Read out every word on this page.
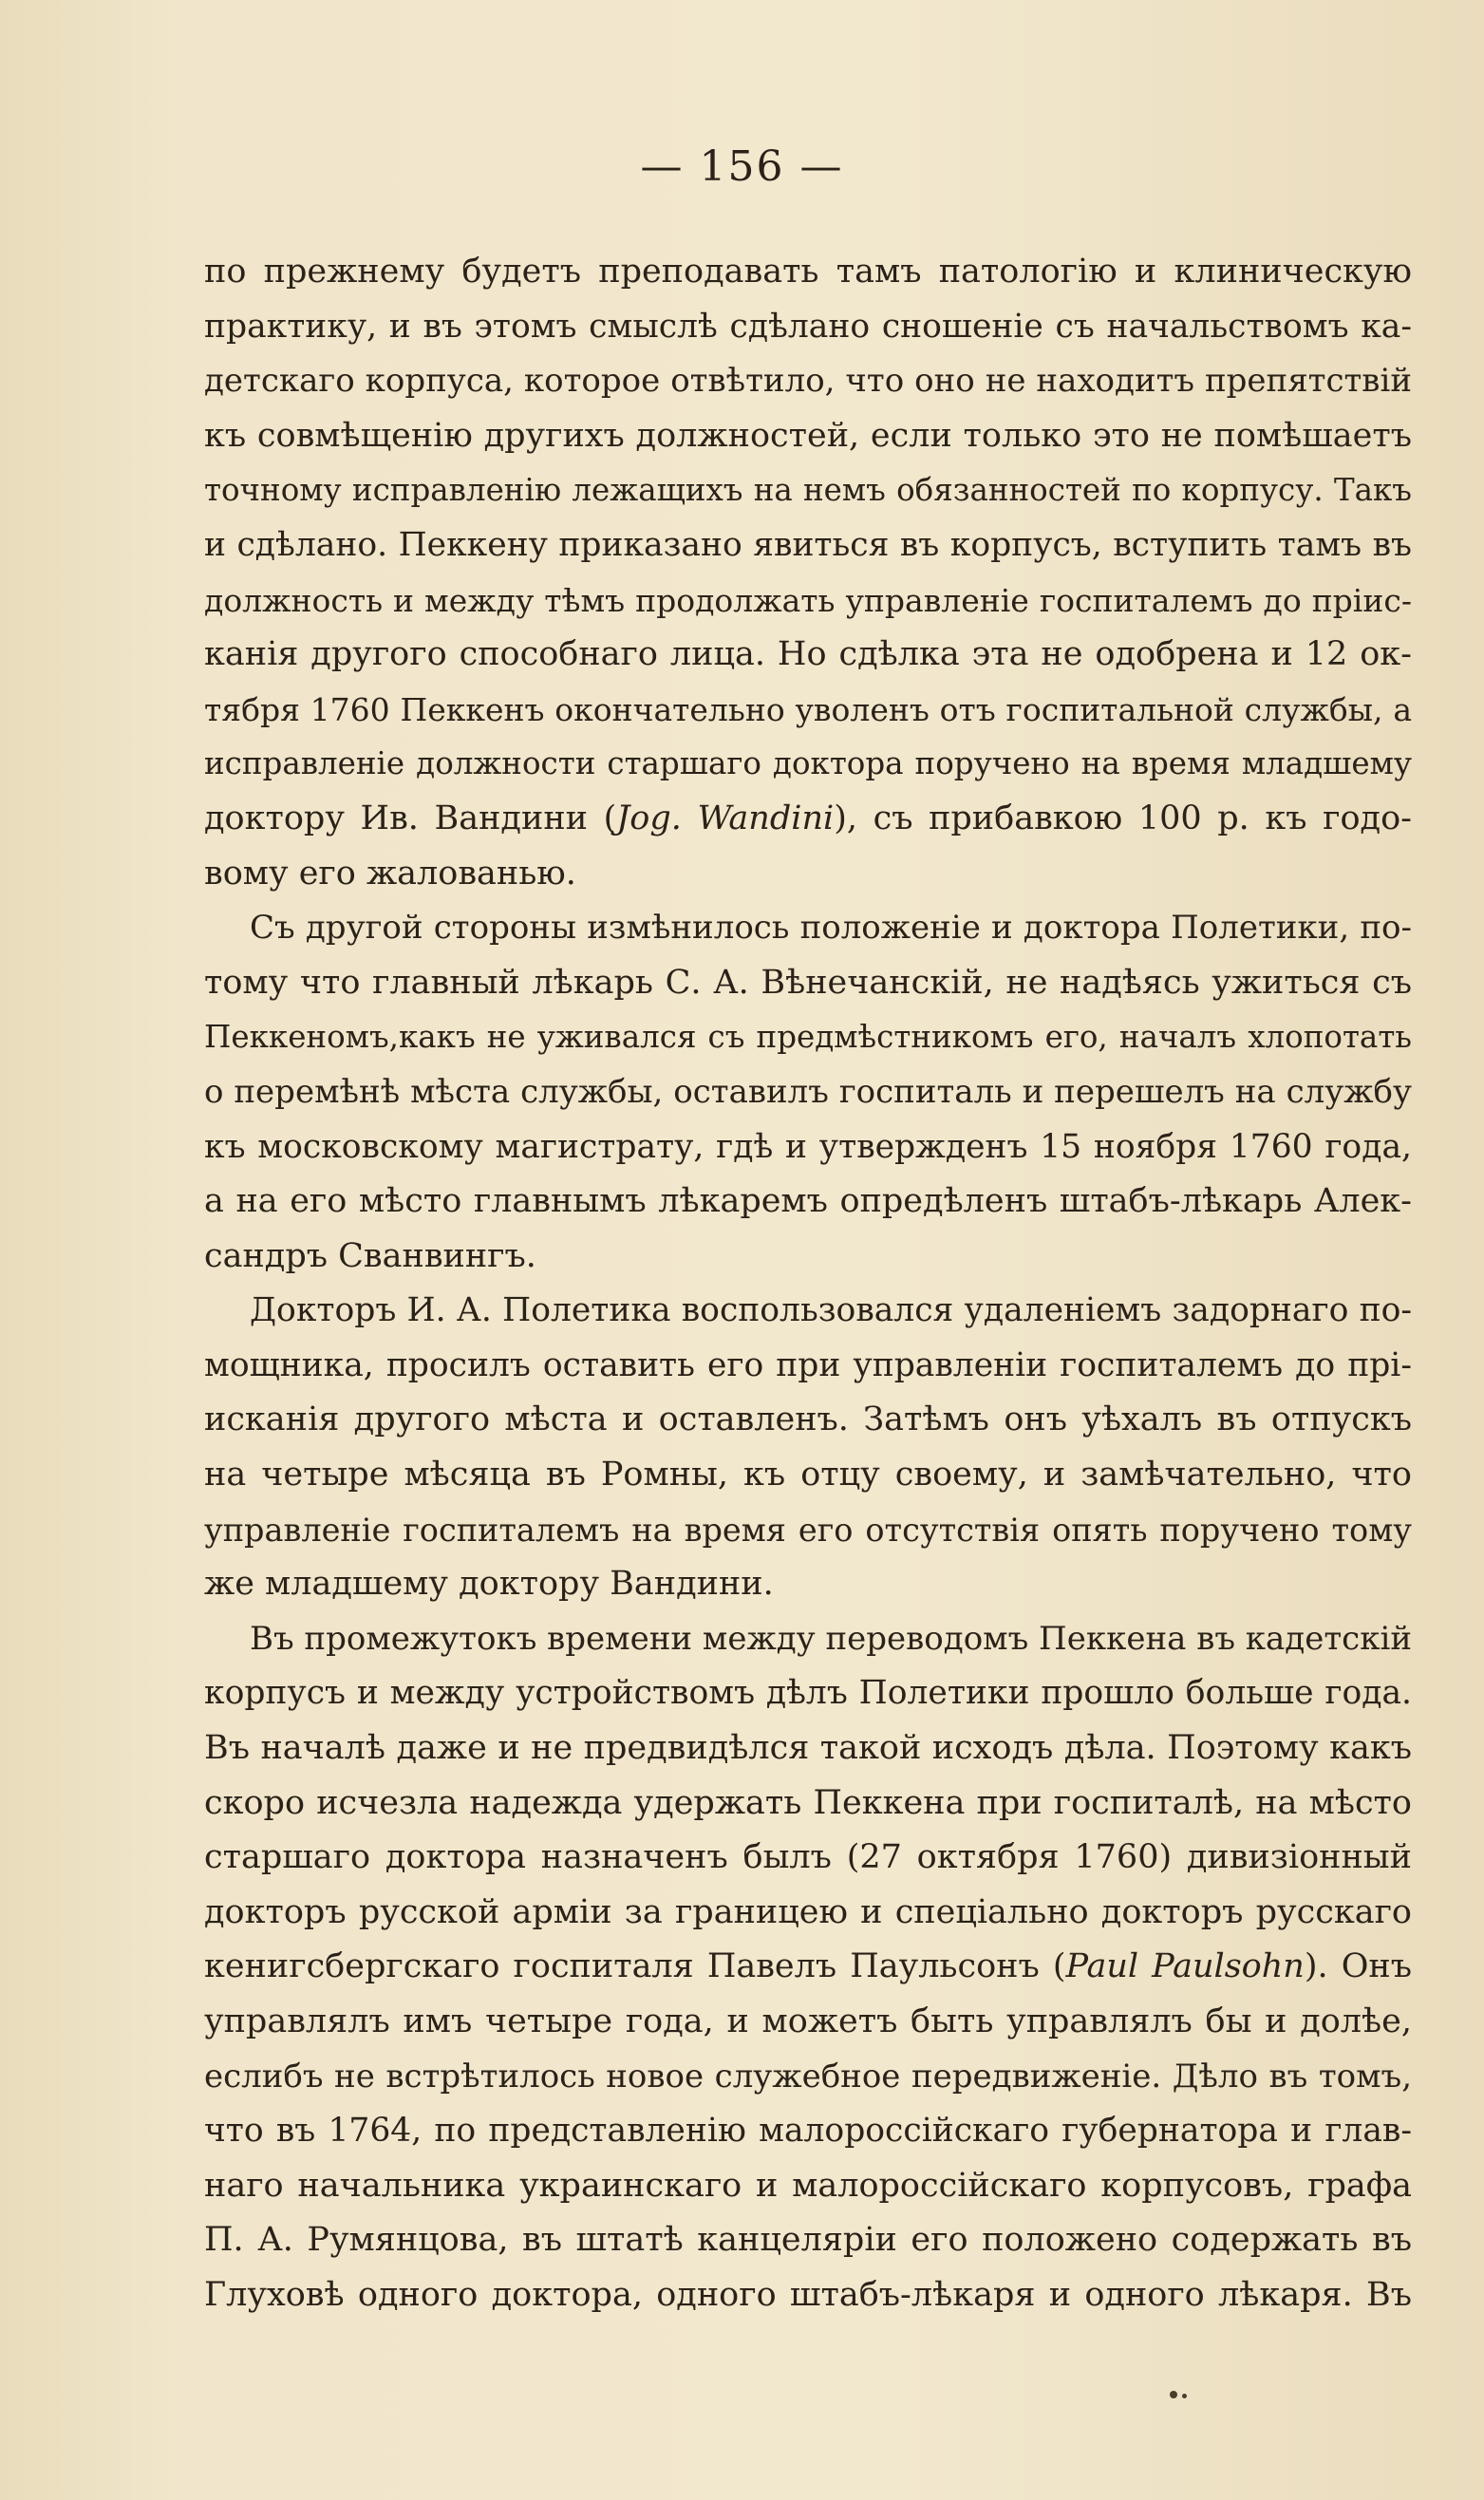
— 156 —
по прежнему будетъ преподавать тамъ патологію и клиническую
практику, и въ этомъ смыслѣ сдѣлано сношеніе съ начальствомъ ка-
детскаго корпуса, которое отвѣтило, что оно не находитъ препятствій
къ совмѣщенію другихъ должностей, если только это не помѣшаетъ
точному исправленію лежащихъ на немъ обязанностей по корпусу. Такъ
и сдѣлано. Пеккену приказано явиться въ корпусъ, вступить тамъ въ
должность и между тѣмъ продолжать управленіе госпиталемъ до пріис-
канія другого способнаго лица. Но сдѣлка эта не одобрена и 12 ок-
тября 1760 Пеккенъ окончательно уволенъ отъ госпитальной службы, а
исправленіе должности старшаго доктора поручено на время младшему
доктору Ив. Вандини (Jog. Wandini), съ прибавкою 100 р. къ годо-
вому его жалованью.
Съ другой стороны измѣнилось положеніе и доктора Полетики, по-
тому что главный лѣкарь С. А. Вѣнечанскій, не надѣясь ужиться съ
Пеккеномъ,какъ не уживался съ предмѣстникомъ его, началъ хлопотать
о перемѣнѣ мѣста службы, оставилъ госпиталь и перешелъ на службу
къ московскому магистрату, гдѣ и утвержденъ 15 ноября 1760 года,
а на его мѣсто главнымъ лѣкаремъ опредѣленъ штабъ-лѣкарь Алек-
сандръ Сванвингъ.
Докторъ И. А. Полетика воспользовался удаленіемъ задорнаго по-
мощника, просилъ оставить его при управленіи госпиталемъ до прі-
исканія другого мѣста и оставленъ. Затѣмъ онъ уѣхалъ въ отпускъ
на четыре мѣсяца въ Ромны, къ отцу своему, и замѣчательно, что
управленіе госпиталемъ на время его отсутствія опять поручено тому
же младшему доктору Вандини.
Въ промежутокъ времени между переводомъ Пеккена въ кадетскій
корпусъ и между устройствомъ дѣлъ Полетики прошло больше года.
Въ началѣ даже и не предвидѣлся такой исходъ дѣла. Поэтому какъ
скоро исчезла надежда удержать Пеккена при госпиталѣ, на мѣсто
старшаго доктора назначенъ былъ (27 октября 1760) дивизіонный
докторъ русской арміи за границею и спеціально докторъ русскаго
кенигсбергскаго госпиталя Павелъ Паульсонъ (Paul Paulsohn). Онъ
управлялъ имъ четыре года, и можетъ быть управлялъ бы и долѣе,
еслибъ не встрѣтилось новое служебное передвиженіе. Дѣло въ томъ,
что въ 1764, по представленію малороссійскаго губернатора и глав-
наго начальника украинскаго и малороссійскаго корпусовъ, графа
П. А. Румянцова, въ штатѣ канцеляріи его положено содержать въ
Глуховѣ одного доктора, одного штабъ-лѣкаря и одного лѣкаря. Въ
